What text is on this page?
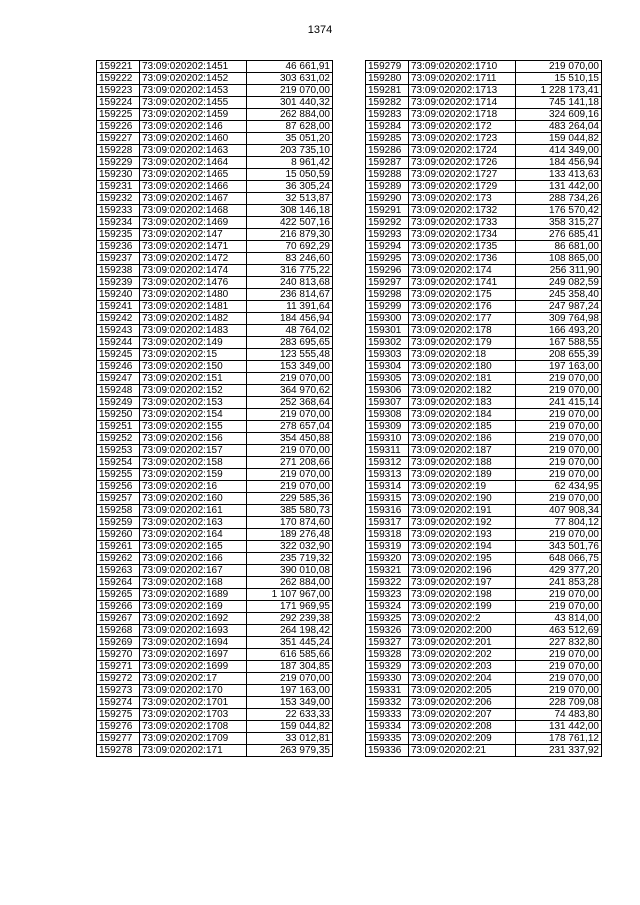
1374
159221	73:09:020202:1451	46 661,91
159222	73:09:020202:1452	303 631,02
159223	73:09:020202:1453	219 070,00
159224	73:09:020202:1455	301 440,32
159225	73:09:020202:1459	262 884,00
159226	73:09:020202:146	87 628,00
159227	73:09:020202:1460	35 051,20
159228	73:09:020202:1463	203 735,10
159229	73:09:020202:1464	8 961,42
159230	73:09:020202:1465	15 050,59
159231	73:09:020202:1466	36 305,24
159232	73:09:020202:1467	32 513,87
159233	73:09:020202:1468	308 146,18
159234	73:09:020202:1469	422 507,16
159235	73:09:020202:147	216 879,30
159236	73:09:020202:1471	70 692,29
159237	73:09:020202:1472	83 246,60
159238	73:09:020202:1474	316 775,22
159239	73:09:020202:1476	240 813,68
159240	73:09:020202:1480	236 814,67
159241	73:09:020202:1481	11 391,64
159242	73:09:020202:1482	184 456,94
159243	73:09:020202:1483	48 764,02
159244	73:09:020202:149	283 695,65
159245	73:09:020202:15	123 555,48
159246	73:09:020202:150	153 349,00
159247	73:09:020202:151	219 070,00
159248	73:09:020202:152	364 970,62
159249	73:09:020202:153	252 368,64
159250	73:09:020202:154	219 070,00
159251	73:09:020202:155	278 657,04
159252	73:09:020202:156	354 450,88
159253	73:09:020202:157	219 070,00
159254	73:09:020202:158	271 208,66
159255	73:09:020202:159	219 070,00
159256	73:09:020202:16	219 070,00
159257	73:09:020202:160	229 585,36
159258	73:09:020202:161	385 580,73
159259	73:09:020202:163	170 874,60
159260	73:09:020202:164	189 276,48
159261	73:09:020202:165	322 032,90
159262	73:09:020202:166	235 719,32
159263	73:09:020202:167	390 010,08
159264	73:09:020202:168	262 884,00
159265	73:09:020202:1689	1 107 967,00
159266	73:09:020202:169	171 969,95
159267	73:09:020202:1692	292 239,38
159268	73:09:020202:1693	264 198,42
159269	73:09:020202:1694	351 445,24
159270	73:09:020202:1697	616 585,66
159271	73:09:020202:1699	187 304,85
159272	73:09:020202:17	219 070,00
159273	73:09:020202:170	197 163,00
159274	73:09:020202:1701	153 349,00
159275	73:09:020202:1703	22 633,33
159276	73:09:020202:1708	159 044,82
159277	73:09:020202:1709	33 012,81
159278	73:09:020202:171	263 979,35
159279	73:09:020202:1710	219 070,00
159280	73:09:020202:1711	15 510,15
159281	73:09:020202:1713	1 228 173,41
159282	73:09:020202:1714	745 141,18
159283	73:09:020202:1718	324 609,16
159284	73:09:020202:172	483 264,04
159285	73:09:020202:1723	159 044,82
159286	73:09:020202:1724	414 349,00
159287	73:09:020202:1726	184 456,94
159288	73:09:020202:1727	133 413,63
159289	73:09:020202:1729	131 442,00
159290	73:09:020202:173	288 734,26
159291	73:09:020202:1732	176 570,42
159292	73:09:020202:1733	358 315,27
159293	73:09:020202:1734	276 685,41
159294	73:09:020202:1735	86 681,00
159295	73:09:020202:1736	108 865,00
159296	73:09:020202:174	256 311,90
159297	73:09:020202:1741	249 082,59
159298	73:09:020202:175	245 358,40
159299	73:09:020202:176	247 987,24
159300	73:09:020202:177	309 764,98
159301	73:09:020202:178	166 493,20
159302	73:09:020202:179	167 588,55
159303	73:09:020202:18	208 655,39
159304	73:09:020202:180	197 163,00
159305	73:09:020202:181	219 070,00
159306	73:09:020202:182	219 070,00
159307	73:09:020202:183	241 415,14
159308	73:09:020202:184	219 070,00
159309	73:09:020202:185	219 070,00
159310	73:09:020202:186	219 070,00
159311	73:09:020202:187	219 070,00
159312	73:09:020202:188	219 070,00
159313	73:09:020202:189	219 070,00
159314	73:09:020202:19	62 434,95
159315	73:09:020202:190	219 070,00
159316	73:09:020202:191	407 908,34
159317	73:09:020202:192	77 804,12
159318	73:09:020202:193	219 070,00
159319	73:09:020202:194	343 501,76
159320	73:09:020202:195	648 066,75
159321	73:09:020202:196	429 377,20
159322	73:09:020202:197	241 853,28
159323	73:09:020202:198	219 070,00
159324	73:09:020202:199	219 070,00
159325	73:09:020202:2	43 814,00
159326	73:09:020202:200	463 512,69
159327	73:09:020202:201	227 832,80
159328	73:09:020202:202	219 070,00
159329	73:09:020202:203	219 070,00
159330	73:09:020202:204	219 070,00
159331	73:09:020202:205	219 070,00
159332	73:09:020202:206	228 709,08
159333	73:09:020202:207	74 483,80
159334	73:09:020202:208	131 442,00
159335	73:09:020202:209	178 761,12
159336	73:09:020202:21	231 337,92
